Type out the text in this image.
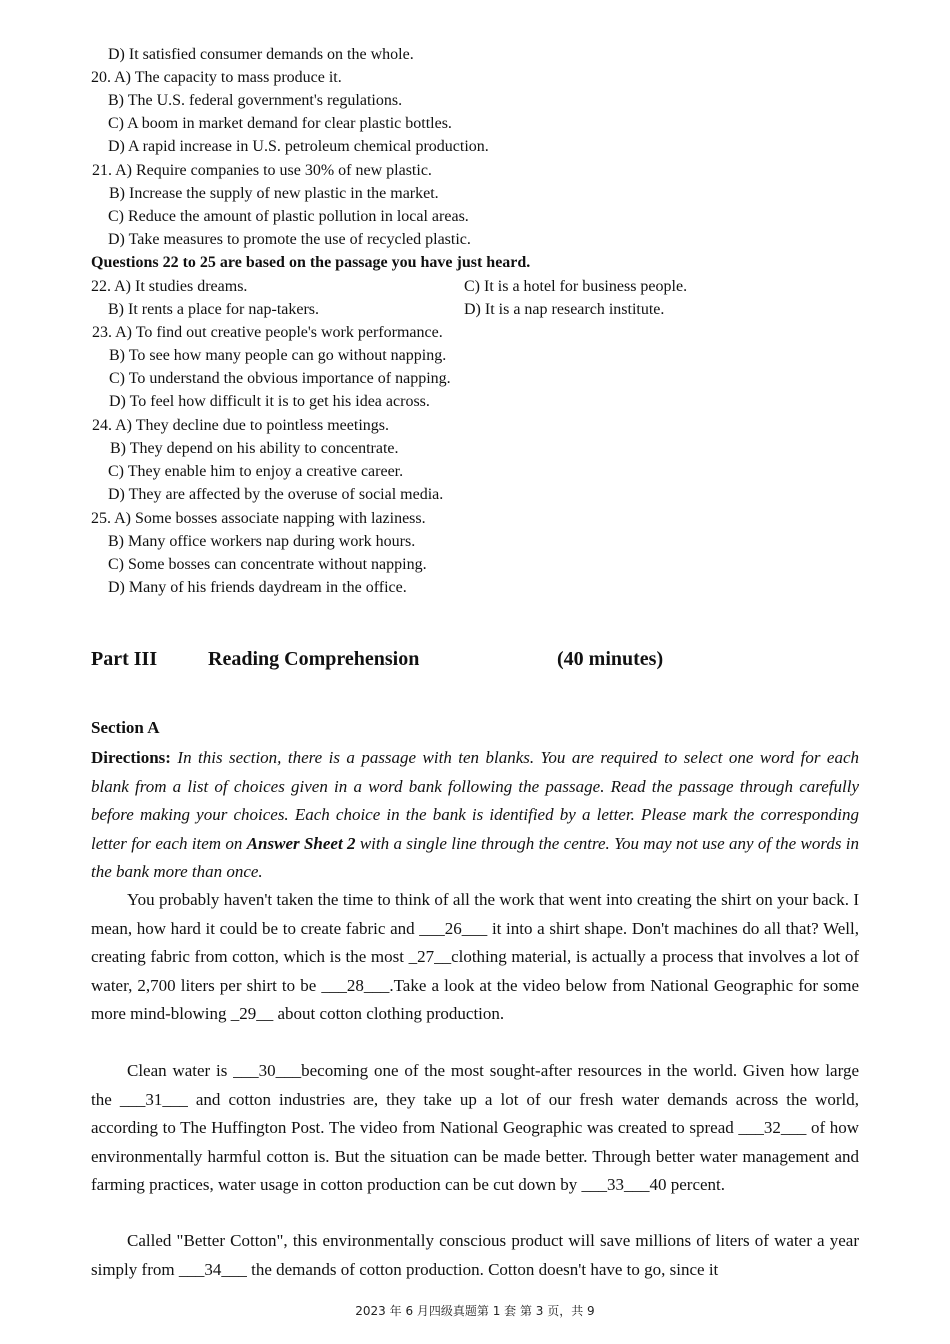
D) It satisfied consumer demands on the whole.
20. A) The capacity to mass produce it.
B) The U.S. federal government's regulations.
C) A boom in market demand for clear plastic bottles.
D) A rapid increase in U.S. petroleum chemical production.
21. A) Require companies to use 30% of new plastic.
B) Increase the supply of new plastic in the market.
C) Reduce the amount of plastic pollution in local areas.
D) Take measures to promote the use of recycled plastic.
Questions 22 to 25 are based on the passage you have just heard.
22. A) It studies dreams.	C) It is a hotel for business people.
B) It rents a place for nap-takers.	D) It is a nap research institute.
23. A) To find out creative people's work performance.
B) To see how many people can go without napping.
C) To understand the obvious importance of napping.
D) To feel how difficult it is to get his idea across.
24. A) They decline due to pointless meetings.
B) They depend on his ability to concentrate.
C) They enable him to enjoy a creative career.
D) They are affected by the overuse of social media.
25. A) Some bosses associate napping with laziness.
B) Many office workers nap during work hours.
C) Some bosses can concentrate without napping.
D) Many of his friends daydream in the office.
Part III	Reading Comprehension	(40 minutes)
Section A
Directions: In this section, there is a passage with ten blanks. You are required to select one word for each blank from a list of choices given in a word bank following the passage. Read the passage through carefully before making your choices. Each choice in the bank is identified by a letter. Please mark the corresponding letter for each item on Answer Sheet 2 with a single line through the centre. You may not use any of the words in the bank more than once.
You probably haven't taken the time to think of all the work that went into creating the shirt on your back. I mean, how hard it could be to create fabric and ___26___ it into a shirt shape. Don't machines do all that? Well, creating fabric from cotton, which is the most _27__clothing material, is actually a process that involves a lot of water, 2,700 liters per shirt to be ___28___.Take a look at the video below from National Geographic for some more mind-blowing _29__ about cotton clothing production.
Clean water is ___30___becoming one of the most sought-after resources in the world. Given how large the ___31___ and cotton industries are, they take up a lot of our fresh water demands across the world, according to The Huffington Post. The video from National Geographic was created to spread ___32___ of how environmentally harmful cotton is. But the situation can be made better. Through better water management and farming practices, water usage in cotton production can be cut down by ___33___40 percent.
Called "Better Cotton", this environmentally conscious product will save millions of liters of water a year simply from ___34___ the demands of cotton production. Cotton doesn't have to go, since it
2023 年 6 月四级真题第 1 套 第 3 页，共 9
